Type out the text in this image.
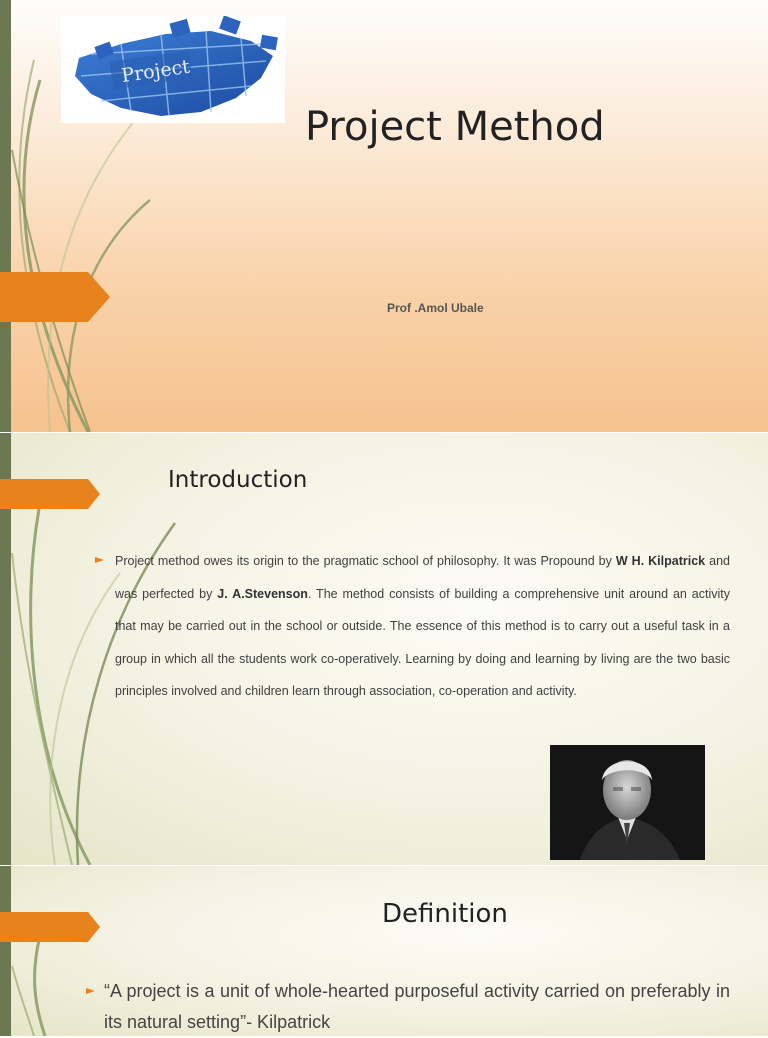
Project
Project Method

Prof .Amol Ubale

Introduction

Project method owes its origin to the pragmatic school of philosophy. It was Propound by W H. Kilpatrick and was perfected by J. A.Stevenson. The method consists of building a comprehensive unit around an activity that may be carried out in the school or outside. The essence of this method is to carry out a useful task in a group in which all the students work co-operatively. Learning by doing and learning by living are the two basic principles involved and children learn through association, co-operation and activity.

Definition

“A project is a unit of whole-hearted purposeful activity carried on preferably in its natural setting”- Kilpatrick
